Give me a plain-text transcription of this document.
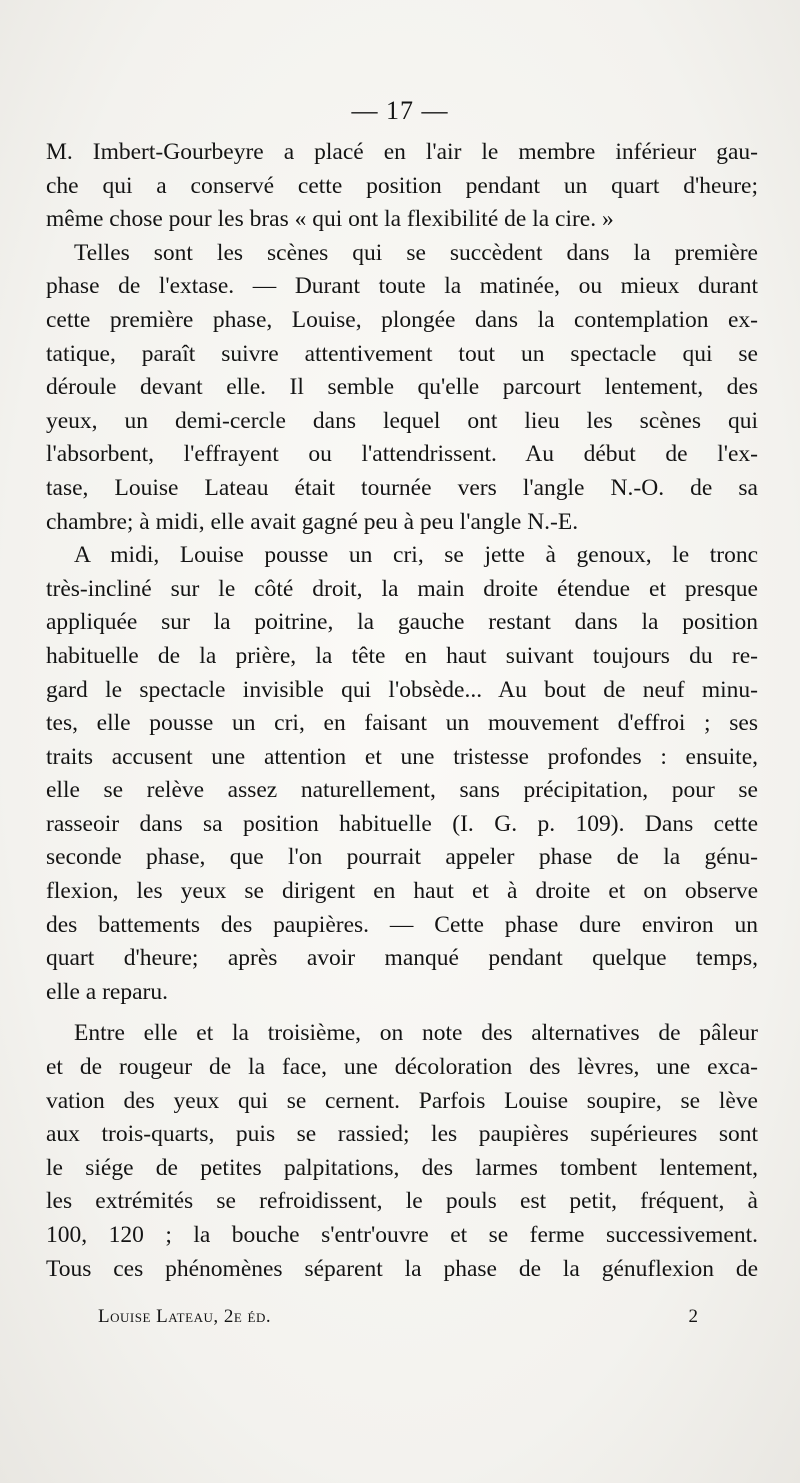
— 17 —
M. Imbert-Gourbeyre a placé en l'air le membre inférieur gau-
che qui a conservé cette position pendant un quart d'heure;
même chose pour les bras « qui ont la flexibilité de la cire. »
Telles sont les scènes qui se succèdent dans la première
phase de l'extase. — Durant toute la matinée, ou mieux durant
cette première phase, Louise, plongée dans la contemplation ex-
tatique, paraît suivre attentivement tout un spectacle qui se
déroule devant elle. Il semble qu'elle parcourt lentement, des
yeux, un demi-cercle dans lequel ont lieu les scènes qui
l'absorbent, l'effrayent ou l'attendrissent. Au début de l'ex-
tase, Louise Lateau était tournée vers l'angle N.-O. de sa
chambre; à midi, elle avait gagné peu à peu l'angle N.-E.
A midi, Louise pousse un cri, se jette à genoux, le tronc
très-incliné sur le côté droit, la main droite étendue et presque
appliquée sur la poitrine, la gauche restant dans la position
habituelle de la prière, la tête en haut suivant toujours du re-
gard le spectacle invisible qui l'obsède... Au bout de neuf minu-
tes, elle pousse un cri, en faisant un mouvement d'effroi ; ses
traits accusent une attention et une tristesse profondes : ensuite,
elle se relève assez naturellement, sans précipitation, pour se
rasseoir dans sa position habituelle (I. G. p. 109). Dans cette
seconde phase, que l'on pourrait appeler phase de la génu-
flexion, les yeux se dirigent en haut et à droite et on observe
des battements des paupières. — Cette phase dure environ un
quart d'heure; après avoir manqué pendant quelque temps,
elle a reparu.
Entre elle et la troisième, on note des alternatives de pâleur
et de rougeur de la face, une décoloration des lèvres, une exca-
vation des yeux qui se cernent. Parfois Louise soupire, se lève
aux trois-quarts, puis se rassied; les paupières supérieures sont
le siége de petites palpitations, des larmes tombent lentement,
les extrémités se refroidissent, le pouls est petit, fréquent, à
100, 120 ; la bouche s'entr'ouvre et se ferme successivement.
Tous ces phénomènes séparent la phase de la génuflexion de
Louise Lateau, 2e éd.	2
